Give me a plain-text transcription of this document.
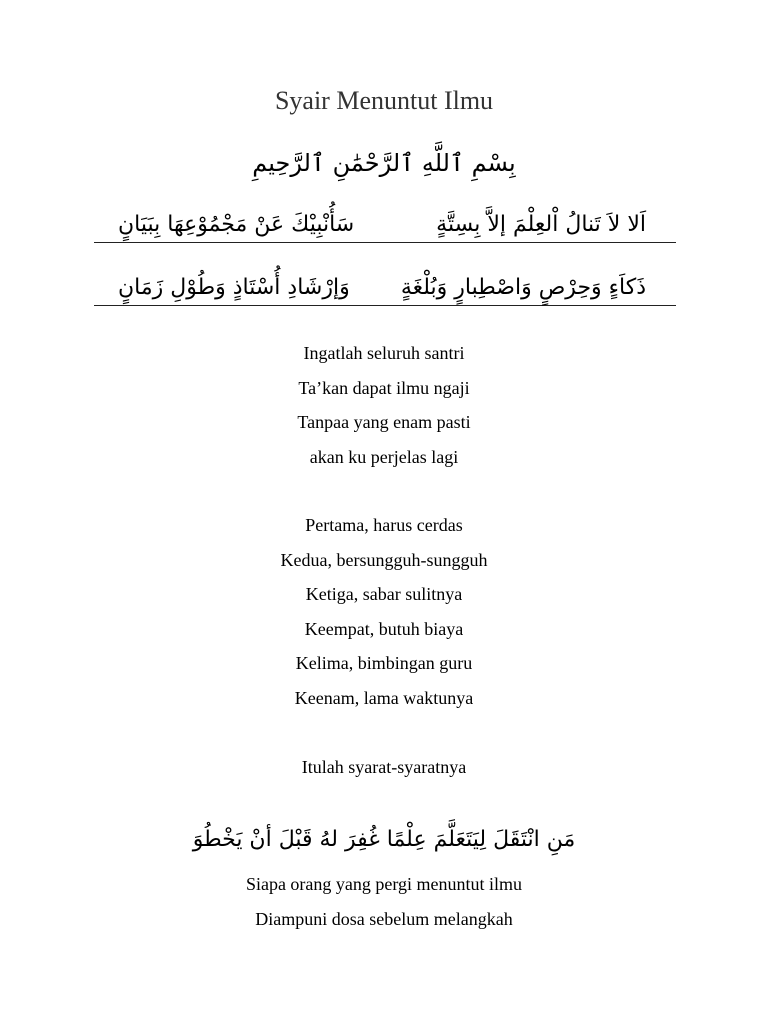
Syair Menuntut Ilmu
بِسْمِ ٱللَّهِ ٱلرَّحْمَٰنِ ٱلرَّحِيمِ
اَلا لاَ تَنالُ اْلعِلْمَ إلاَّ بِسِتَّةٍ
سَأُنْبِيْكَ عَنْ مَجْمُوْعِهَا بِبَيَانٍ
ذَكاَءٍ وَحِرْصٍ وَاصْطِبارٍ وَبُلْغَةٍ
وَإرْشَادِ أُسْتَاذٍ وَطُوْلِ زَمَانٍ
Ingatlah seluruh santri
Ta’kan dapat ilmu ngaji
Tanpaa yang enam pasti
akan ku perjelas lagi
Pertama, harus cerdas
Kedua, bersungguh-sungguh
Ketiga, sabar sulitnya
Keempat, butuh biaya
Kelima, bimbingan guru
Keenam, lama waktunya
Itulah syarat-syaratnya
مَنِ انْتَقَلَ لِيَتَعَلَّمَ عِلْمًا غُفِرَ لهُ قَبْلَ أنْ يَخْطُوَ
Siapa orang yang pergi menuntut ilmu
Diampuni dosa sebelum melangkah
